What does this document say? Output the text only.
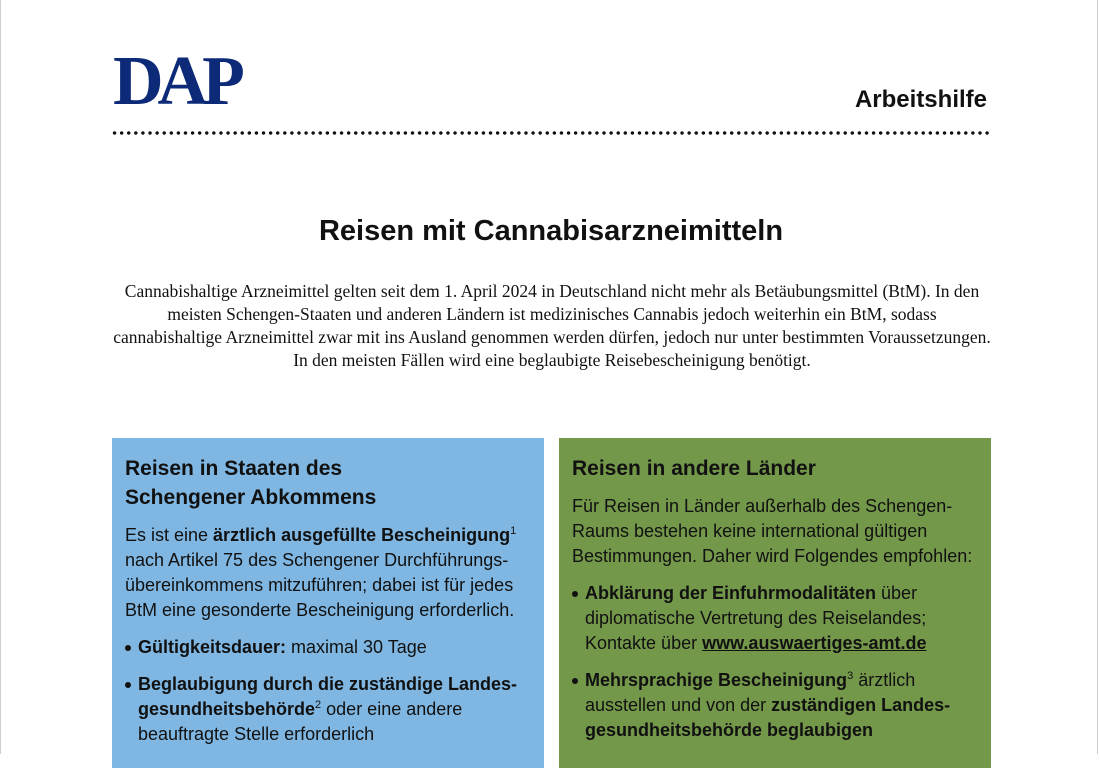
DAP	Arbeitshilfe
Reisen mit Cannabisarzneimitteln
Cannabishaltige Arzneimittel gelten seit dem 1. April 2024 in Deutschland nicht mehr als Betäubungsmittel (BtM). In den meisten Schengen-Staaten und anderen Ländern ist medizinisches Cannabis jedoch weiterhin ein BtM, sodass cannabishaltige Arzneimittel zwar mit ins Ausland genommen werden dürfen, jedoch nur unter bestimmten Voraussetzungen. In den meisten Fällen wird eine beglaubigte Reisebescheinigung benötigt.
Reisen in Staaten des
Schengener Abkommens

Es ist eine ärztlich ausgefüllte Bescheinigung$^1$ nach Artikel 75 des Schengener Durchführungsübereinkommens mitzuführen; dabei ist für jedes BtM eine gesonderte Bescheinigung erforderlich.

Gültigkeitsdauer: maximal 30 Tage
Beglaubigung durch die zuständige Landesgesundheitsbehörde$^2$ oder eine andere beauftragte Stelle erforderlich
Reisen in andere Länder

Für Reisen in Länder außerhalb des Schengen-Raums bestehen keine international gültigen Bestimmungen. Daher wird Folgendes empfohlen:

Abklärung der Einfuhrmodalitäten über diplomatische Vertretung des Reiselandes; Kontakte über www.auswaertiges-amt.de
Mehrsprachige Bescheinigung$^3$ ärztlich ausstellen und von der zuständigen Landesgesundheitsbehörde beglaubigen
